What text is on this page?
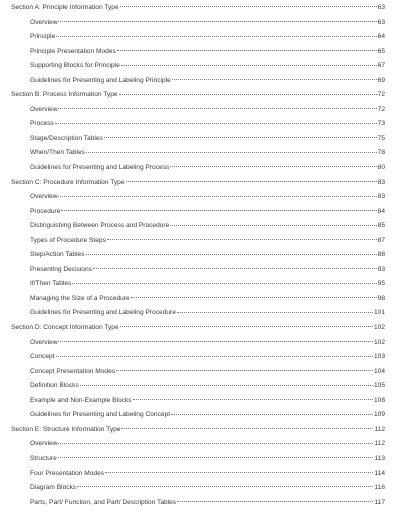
Section A: Principle Information Type	63
Overview	63
Principle	64
Principle Presentation Modes	65
Supporting Blocks for Principle	67
Guidelines for Presenting and Labeling Principle	69
Section B: Process Information Type	72
Overview	72
Process	73
Stage/Description Tables	75
When/Then Tables	78
Guidelines for Presenting and Labeling Process	80
Section C: Procedure Information Type	83
Overview	83
Procedure	84
Distinguishing Between Process and Procedure	85
Types of Procedure Steps	87
Step/Action Tables	88
Presenting Decisions	93
If/Then Tables	95
Managing the Size of a Procedure	98
Guidelines for Presenting and Labeling Procedure	101
Section D: Concept Information Type	102
Overview	102
Concept	103
Concept Presentation Modes	104
Definition Blocks	105
Example and Non-Example Blocks	108
Guidelines for Presenting and Labeling Concept	109
Section E: Structure Information Type	112
Overview	112
Structure	113
Four Presentation Modes	114
Diagram Blocks	116
Parts, Part/ Function, and Part/ Description Tables	117
